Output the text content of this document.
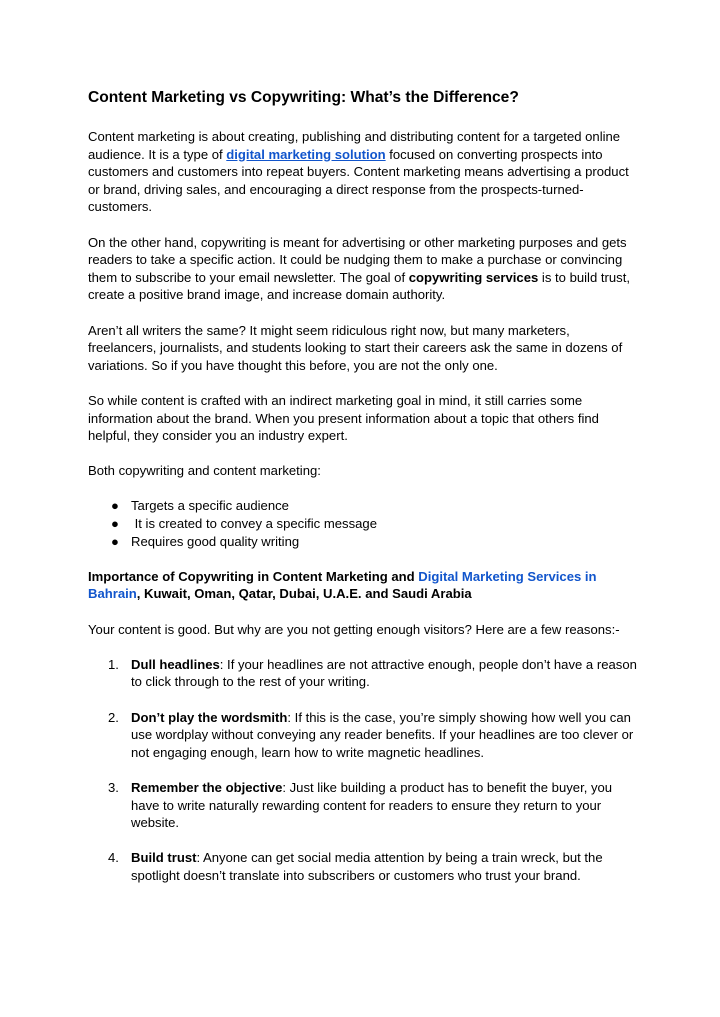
Content Marketing vs Copywriting: What’s the Difference?

Content marketing is about creating, publishing and distributing content for a targeted online audience. It is a type of digital marketing solution focused on converting prospects into customers and customers into repeat buyers. Content marketing means advertising a product or brand, driving sales, and encouraging a direct response from the prospects-turned-customers.

On the other hand, copywriting is meant for advertising or other marketing purposes and gets readers to take a specific action. It could be nudging them to make a purchase or convincing them to subscribe to your email newsletter. The goal of copywriting services is to build trust, create a positive brand image, and increase domain authority.

Aren’t all writers the same? It might seem ridiculous right now, but many marketers, freelancers, journalists, and students looking to start their careers ask the same in dozens of variations. So if you have thought this before, you are not the only one.

So while content is crafted with an indirect marketing goal in mind, it still carries some information about the brand. When you present information about a topic that others find helpful, they consider you an industry expert.

Both copywriting and content marketing:

● Targets a specific audience
● It is created to convey a specific message
● Requires good quality writing

Importance of Copywriting in Content Marketing and Digital Marketing Services in Bahrain, Kuwait, Oman, Qatar, Dubai, U.A.E. and Saudi Arabia

Your content is good. But why are you not getting enough visitors? Here are a few reasons:-

1. Dull headlines: If your headlines are not attractive enough, people don’t have a reason to click through to the rest of your writing.
2. Don’t play the wordsmith: If this is the case, you’re simply showing how well you can use wordplay without conveying any reader benefits. If your headlines are too clever or not engaging enough, learn how to write magnetic headlines.
3. Remember the objective: Just like building a product has to benefit the buyer, you have to write naturally rewarding content for readers to ensure they return to your website.
4. Build trust: Anyone can get social media attention by being a train wreck, but the spotlight doesn’t translate into subscribers or customers who trust your brand.
